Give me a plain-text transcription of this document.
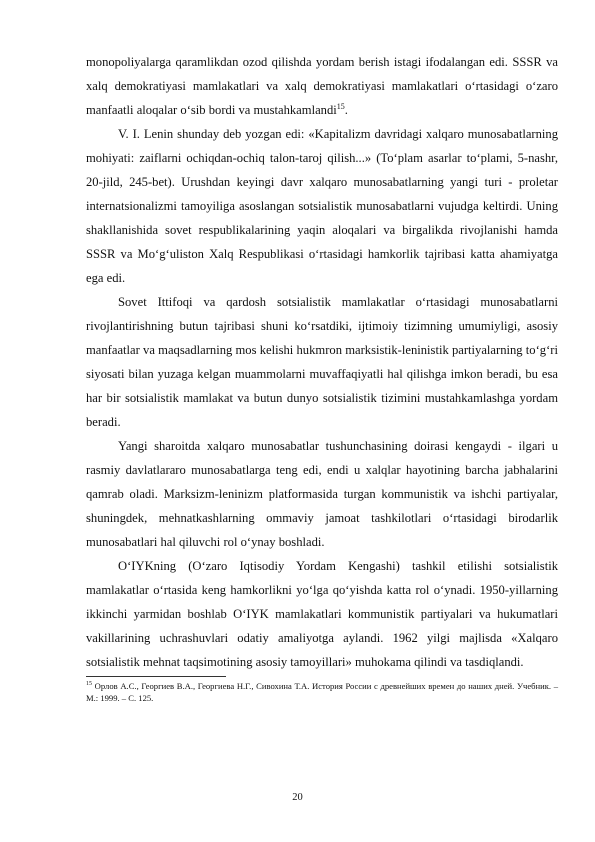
monopoliyalarga qaramlikdan ozod qilishda yordam berish istagi ifodalangan edi. SSSR va xalq demokratiyasi mamlakatlari va xalq demokratiyasi mamlakatlari o‘rtasidagi o‘zaro manfaatli aloqalar o‘sib bordi va mustahkamlandi$^{15}$.

V. I. Lenin shunday deb yozgan edi: «Kapitalizm davridagi xalqaro munosabatlarning mohiyati: zaiflarni ochiqdan-ochiq talon-taroj qilish...» (To‘plam asarlar to‘plami, 5-nashr, 20-jild, 245-bet). Urushdan keyingi davr xalqaro munosabatlarning yangi turi - proletar internatsionalizmi tamoyiliga asoslangan sotsialistik munosabatlarni vujudga keltirdi. Uning shakllanishida sovet respublikalarining yaqin aloqalari va birgalikda rivojlanishi hamda SSSR va Mo‘g‘uliston Xalq Respublikasi o‘rtasidagi hamkorlik tajribasi katta ahamiyatga ega edi.

Sovet Ittifoqi va qardosh sotsialistik mamlakatlar o‘rtasidagi munosabatlarni rivojlantirishning butun tajribasi shuni ko‘rsatdiki, ijtimoiy tizimning umumiyligi, asosiy manfaatlar va maqsadlarning mos kelishi hukmron marksistik-leninistik partiyalarning to‘g‘ri siyosati bilan yuzaga kelgan muammolarni muvaffaqiyatli hal qilishga imkon beradi, bu esa har bir sotsialistik mamlakat va butun dunyo sotsialistik tizimini mustahkamlashga yordam beradi.

Yangi sharoitda xalqaro munosabatlar tushunchasining doirasi kengaydi - ilgari u rasmiy davlatlararo munosabatlarga teng edi, endi u xalqlar hayotining barcha jabhalarini qamrab oladi. Marksizm-leninizm platformasida turgan kommunistik va ishchi partiyalar, shuningdek, mehnatkashlarning ommaviy jamoat tashkilotlari o‘rtasidagi birodarlik munosabatlari hal qiluvchi rol o‘ynay boshladi.

O‘IYKning (O‘zaro Iqtisodiy Yordam Kengashi) tashkil etilishi sotsialistik mamlakatlar o‘rtasida keng hamkorlikni yo‘lga qo‘yishda katta rol o‘ynadi. 1950-yillarning ikkinchi yarmidan boshlab O‘IYK mamlakatlari kommunistik partiyalari va hukumatlari vakillarining uchrashuvlari odatiy amaliyotga aylandi. 1962 yilgi majlisda «Xalqaro sotsialistik mehnat taqsimotining asosiy tamoyillari» muhokama qilindi va tasdiqlandi.

$^{15}$ Орлов А.С., Георгиев В.А., Георгиева Н.Г., Сивохина Т.А. История России с древнейших времен до наших дней. Учебник. – М.: 1999. – С. 125.

20
